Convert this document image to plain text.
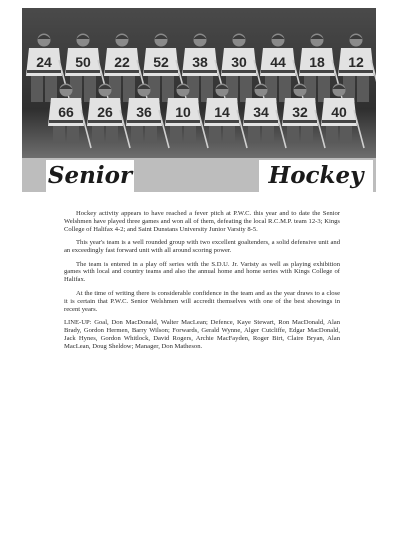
24 50 22 52 38 30 44 18 12
66 26 36 10 14 34 32 40
Senior	Hockey

Hockey activity appears to have reached a fever pitch at P.W.C. this year and to date the Senior Welshmen have played three games and won all of them, defeating the local R.C.M.P. team 12-3; Kings College of Halifax 4-2; and Saint Dunstans University Junior Varsity 8-5.

This year's team is a well rounded group with two excellent goaltenders, a solid defensive unit and an exceedingly fast forward unit with all around scoring power.

The team is entered in a play off series with the S.D.U. Jr. Varisty as well as playing exhibition games with local and country teams and also the annual home and home series with Kings College of Halifax.

At the time of writing there is considerable confidence in the team and as the year draws to a close it is certain that P.W.C. Senior Welshmen will accredit themselves with one of the best showings in recent years.

LINE-UP: Goal, Don MacDonald, Walter MacLean; Defence, Kaye Stewart, Ron MacDonald, Alan Brady, Gordon Hermen, Barry Wilson; Forwards, Gerald Wynne, Alger Cutcliffe, Edgar MacDonald, Jack Hynes, Gordon Whitlock, David Rogers, Archie MacFayden, Roger Birt, Claire Bryan, Alan MacLean, Doug Sheldow; Manager, Don Matheson.
